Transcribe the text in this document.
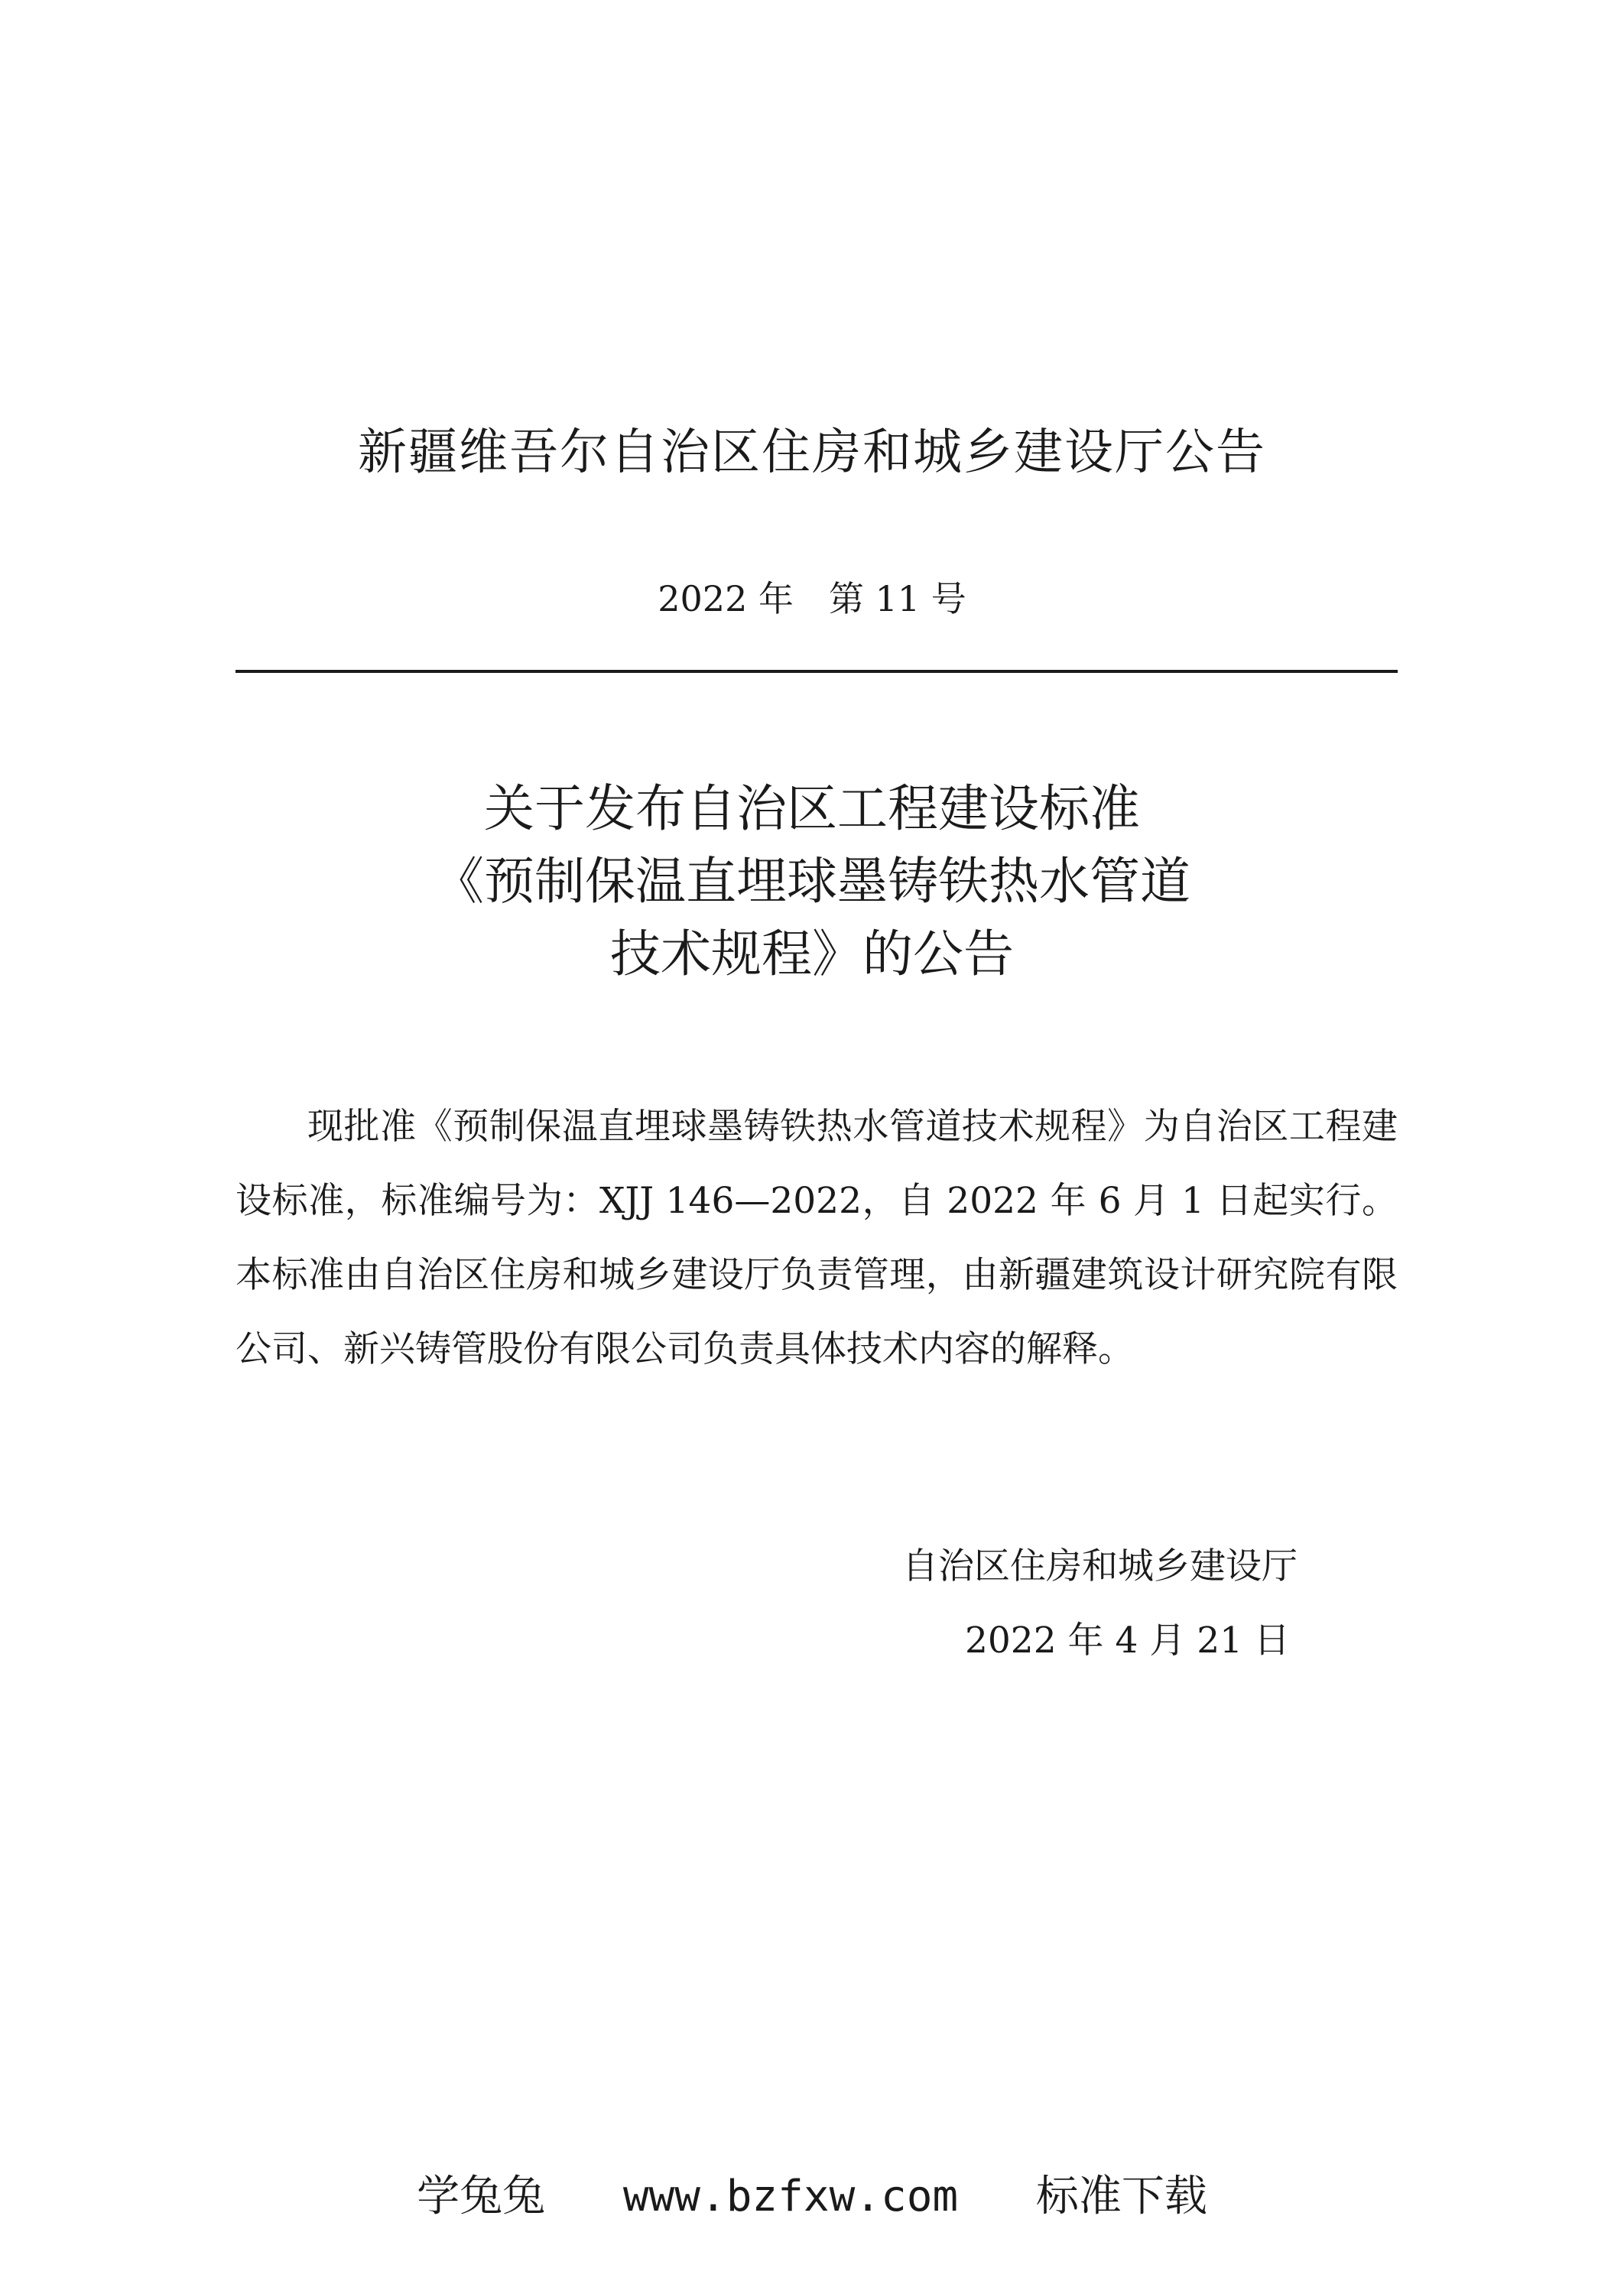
新疆维吾尔自治区住房和城乡建设厅公告
2022 年　第 11 号
关于发布自治区工程建设标准
《预制保温直埋球墨铸铁热水管道
技术规程》的公告
现批准《预制保温直埋球墨铸铁热水管道技术规程》为自治区工程建设标准，标准编号为：XJJ 146—2022，自 2022 年 6 月 1 日起实行。本标准由自治区住房和城乡建设厅负责管理，由新疆建筑设计研究院有限公司、新兴铸管股份有限公司负责具体技术内容的解释。
自治区住房和城乡建设厅
2022 年 4 月 21 日
学兔兔 www.bzfxw.com 标准下载
